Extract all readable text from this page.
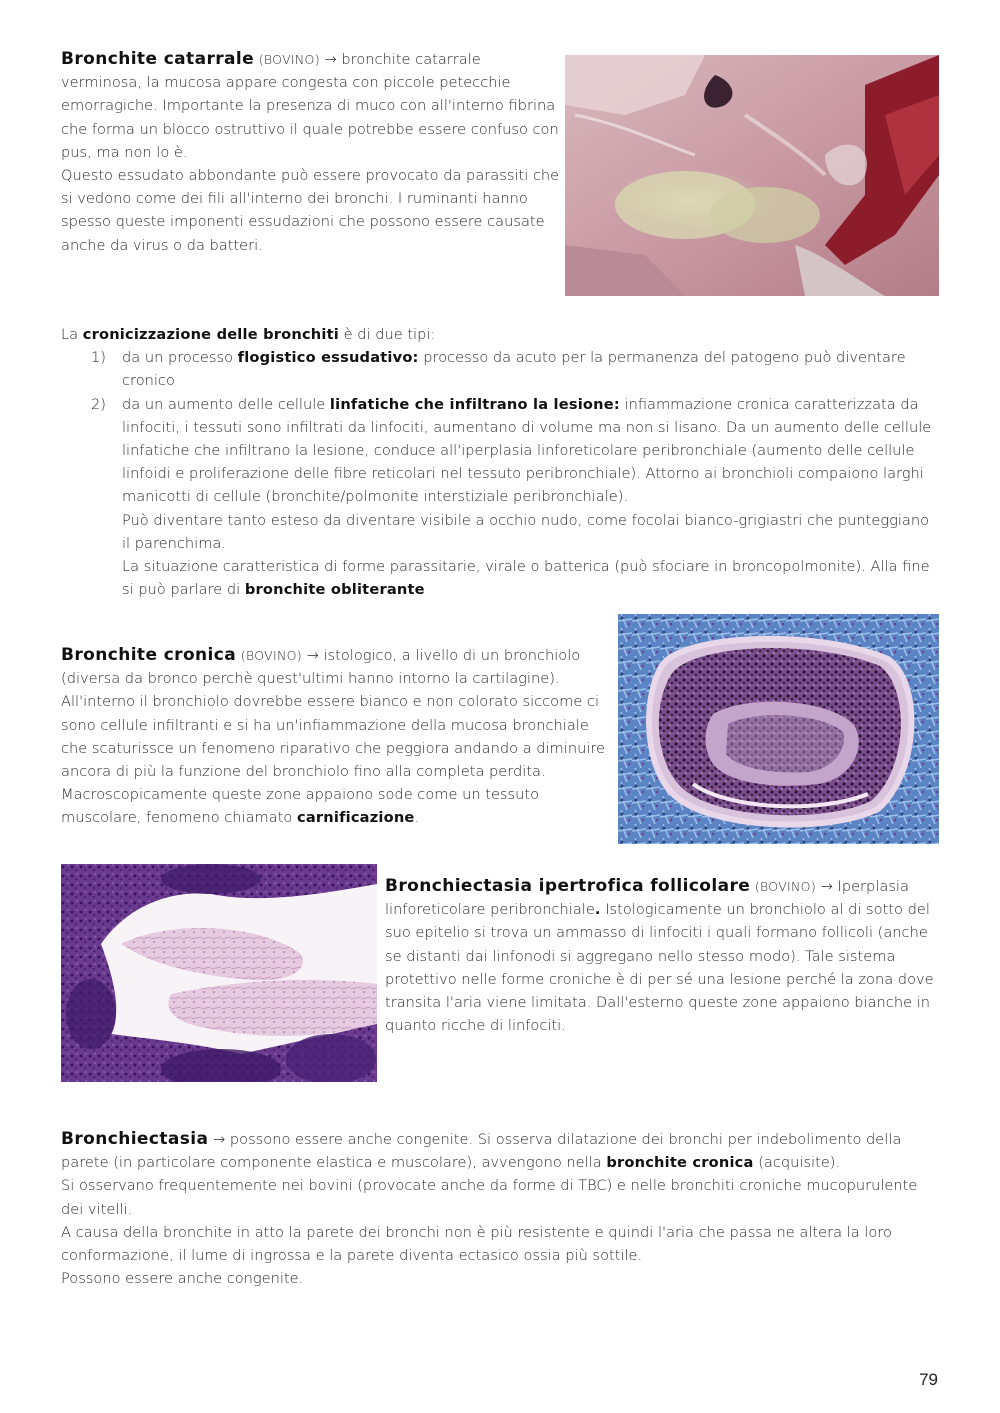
Bronchite catarrale (BOVINO) → bronchite catarrale verminosa, la mucosa appare congesta con piccole petecchie emorragiche. Importante la presenza di muco con all'interno fibrina che forma un blocco ostruttivo il quale potrebbe essere confuso con pus, ma non lo è.

Questo essudato abbondante può essere provocato da parassiti che si vedono come dei fili all'interno dei bronchi. I ruminanti hanno spesso queste imponenti essudazioni che possono essere causate anche da virus o da batteri.

La cronicizzazione delle bronchiti è di due tipi:

1) da un processo flogistico essudativo: processo da acuto per la permanenza del patogeno può diventare cronico
2) da un aumento delle cellule linfatiche che infiltrano la lesione: infiammazione cronica caratterizzata da linfociti, i tessuti sono infiltrati da linfociti, aumentano di volume ma non si lisano. Da un aumento delle cellule linfatiche che infiltrano la lesione, conduce all'iperplasia linforeticolare peribronchiale (aumento delle cellule linfoidi e proliferazione delle fibre reticolari nel tessuto peribronchiale). Attorno ai bronchioli compaiono larghi manicotti di cellule (bronchite/polmonite interstiziale peribronchiale).

Può diventare tanto esteso da diventare visibile a occhio nudo, come focolai bianco-grigiastri che punteggiano il parenchima.

La situazione caratteristica di forme parassitarie, virale o batterica (può sfociare in broncopolmonite). Alla fine si può parlare di bronchite obliterante

Bronchite cronica (BOVINO) → istologico, a livello di un bronchiolo (diversa da bronco perchè quest'ultimi hanno intorno la cartilagine). All'interno il bronchiolo dovrebbe essere bianco e non colorato siccome ci sono cellule infiltranti e si ha un'infiammazione della mucosa bronchiale che scaturissce un fenomeno riparativo che peggiora andando a diminuire ancora di più la funzione del bronchiolo fino alla completa perdita. Macroscopicamente queste zone appaiono sode come un tessuto muscolare, fenomeno chiamato carnificazione.

Bronchiectasia ipertrofica follicolare (BOVINO) → Iperplasia linforeticolare peribronchiale. Istologicamente un bronchiolo al di sotto del suo epitelio si trova un ammasso di linfociti i quali formano follicoli (anche se distanti dai linfonodi si aggregano nello stesso modo). Tale sistema protettivo nelle forme croniche è di per sé una lesione perché la zona dove transita l'aria viene limitata. Dall'esterno queste zone appaiono bianche in quanto ricche di linfociti.

Bronchiectasia → possono essere anche congenite. Si osserva dilatazione dei bronchi per indebolimento della parete (in particolare componente elastica e muscolare), avvengono nella bronchite cronica (acquisite).

Si osservano frequentemente nei bovini (provocate anche da forme di TBC) e nelle bronchiti croniche mucopurulente dei vitelli.

A causa della bronchite in atto la parete dei bronchi non è più resistente e quindi l'aria che passa ne altera la loro conformazione, il lume di ingrossa e la parete diventa ectasico ossia più sottile.

Possono essere anche congenite.

79
